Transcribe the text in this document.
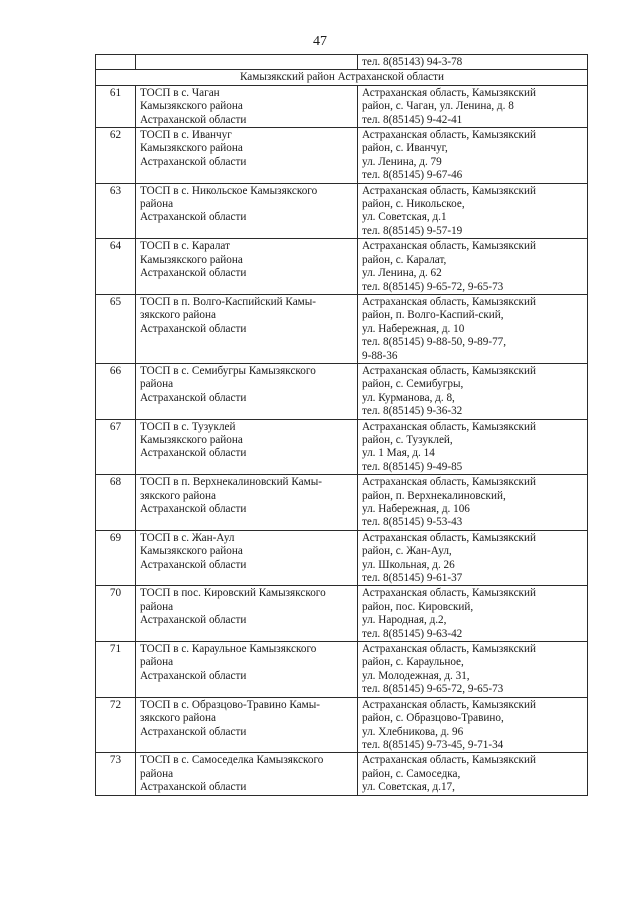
47

		тел. 8(85143) 94-3-78

Камызякский район Астраханской области		
61	ТОСП в с. Чаган
Камызякского района
Астраханской области	Астраханская область, Камызякский
район, с. Чаган, ул. Ленина, д. 8
тел. 8(85145) 9-42-41

62	ТОСП в с. Иванчуг
Камызякского района
Астраханской области	Астраханская область, Камызякский
район, с. Иванчуг,
ул. Ленина, д. 79
тел. 8(85145) 9-67-46

63	ТОСП в с. Никольское Камызякского
района
Астраханской области	Астраханская область, Камызякский
район, с. Никольское,
ул. Советская, д.1
тел. 8(85145) 9-57-19

64	ТОСП в с. Каралат
Камызякского района
Астраханской области	Астраханская область, Камызякский
район, с. Каралат,
ул. Ленина, д. 62
тел. 8(85145) 9-65-72, 9-65-73

65	ТОСП в п. Волго-Каспийский Камы-
зякского района
Астраханской области	Астраханская область, Камызякский
район, п. Волго-Каспий-ский,
ул. Набережная, д. 10
тел. 8(85145) 9-88-50, 9-89-77,
9-88-36

66	ТОСП в с. Семибугры Камызякского
района
Астраханской области	Астраханская область, Камызякский
район, с. Семибугры,
ул. Курманова, д. 8,
тел. 8(85145) 9-36-32

67	ТОСП в с. Тузуклей
Камызякского района
Астраханской области	Астраханская область, Камызякский
район, с. Тузуклей,
ул. 1 Мая, д. 14
тел. 8(85145) 9-49-85

68	ТОСП в п. Верхнекалиновский Камы-
зякского района
Астраханской области	Астраханская область, Камызякский
район, п. Верхнекалиновский,
ул. Набережная, д. 106
тел. 8(85145) 9-53-43

69	ТОСП в с. Жан-Аул
Камызякского района
Астраханской области	Астраханская область, Камызякский
район, с. Жан-Аул,
ул. Школьная, д. 26
тел. 8(85145) 9-61-37

70	ТОСП в пос. Кировский Камызякского
района
Астраханской области	Астраханская область, Камызякский
район, пос. Кировский,
ул. Народная, д.2,
тел. 8(85145) 9-63-42

71	ТОСП в с. Караульное Камызякского
района
Астраханской области	Астраханская область, Камызякский
район, с. Караульное,
ул. Молодежная, д. 31,
тел. 8(85145) 9-65-72, 9-65-73

72	ТОСП в с. Образцово-Травино Камы-
зякского района
Астраханской области	Астраханская область, Камызякский
район, с. Образцово-Травино,
ул. Хлебникова, д. 96
тел. 8(85145) 9-73-45, 9-71-34

73	ТОСП в с. Самоседелка Камызякского
района
Астраханской области	Астраханская область, Камызякский
район, с. Самоседка,
ул. Советская, д.17,
